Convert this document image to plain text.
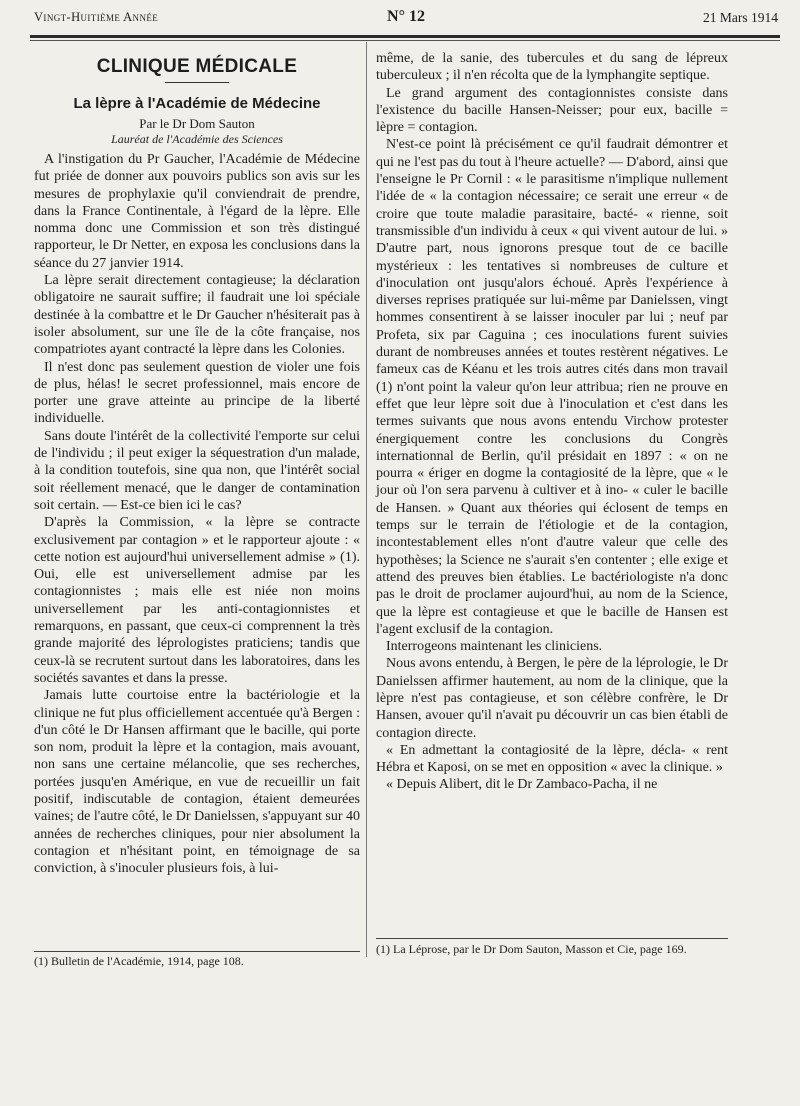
Vingt-Huitième Année	N° 12	21 Mars 1914
CLINIQUE MÉDICALE
La lèpre à l'Académie de Médecine
Par le Dr Dom Sauton
Lauréat de l'Académie des Sciences

A l'instigation du Pr Gaucher, l'Académie de Médecine fut priée de donner aux pouvoirs publics son avis sur les mesures de prophylaxie qu'il conviendrait de prendre, dans la France Continentale, à l'égard de la lèpre. Elle nomma donc une Commission et son très distingué rapporteur, le Dr Netter, en exposa les conclusions dans la séance du 27 janvier 1914.

La lèpre serait directement contagieuse; la déclaration obligatoire ne saurait suffire; il faudrait une loi spéciale destinée à la combattre et le Dr Gaucher n'hésiterait pas à isoler absolument, sur une île de la côte française, nos compatriotes ayant contracté la lèpre dans les Colonies.

Il n'est donc pas seulement question de violer une fois de plus, hélas! le secret professionnel, mais encore de porter une grave atteinte au principe de la liberté individuelle.

Sans doute l'intérêt de la collectivité l'emporte sur celui de l'individu ; il peut exiger la séquestration d'un malade, à la condition toutefois, sine qua non, que l'intérêt social soit réellement menacé, que le danger de contamination soit certain. — Est-ce bien ici le cas?

D'après la Commission, « la lèpre se contracte exclusivement par contagion » et le rapporteur ajoute : « cette notion est aujourd'hui universellement admise » (1). Oui, elle est universellement admise par les contagionnistes ; mais elle est niée non moins universellement par les anti-contagionnistes et remarquons, en passant, que ceux-ci comprennent la très grande majorité des léprologistes praticiens; tandis que ceux-là se recrutent surtout dans les laboratoires, dans les sociétés savantes et dans la presse.

Jamais lutte courtoise entre la bactériologie et la clinique ne fut plus officiellement accentuée qu'à Bergen : d'un côté le Dr Hansen affirmant que le bacille, qui porte son nom, produit la lèpre et la contagion, mais avouant, non sans une certaine mélancolie, que ses recherches, portées jusqu'en Amérique, en vue de recueillir un fait positif, indiscutable de contagion, étaient demeurées vaines; de l'autre côté, le Dr Danielssen, s'appuyant sur 40 années de recherches cliniques, pour nier absolument la contagion et n'hésitant point, en témoignage de sa conviction, à s'inoculer plusieurs fois, à lui-

même, de la sanie, des tubercules et du sang de lépreux tuberculeux ; il n'en récolta que de la lymphangite septique.

Le grand argument des contagionnistes consiste dans l'existence du bacille Hansen-Neisser; pour eux, bacille = lèpre = contagion.

N'est-ce point là précisément ce qu'il faudrait démontrer et qui ne l'est pas du tout à l'heure actuelle? — D'abord, ainsi que l'enseigne le Pr Cornil : « le parasitisme n'implique nullement l'idée de « la contagion nécessaire; ce serait une erreur « de croire que toute maladie parasitaire, bacté- « rienne, soit transmissible d'un individu à ceux « qui vivent autour de lui. » D'autre part, nous ignorons presque tout de ce bacille mystérieux : les tentatives si nombreuses de culture et d'inoculation ont jusqu'alors échoué. Après l'expérience à diverses reprises pratiquée sur lui-même par Danielssen, vingt hommes consentirent à se laisser inoculer par lui ; neuf par Profeta, six par Caguina ; ces inoculations furent suivies durant de nombreuses années et toutes restèrent négatives. Le fameux cas de Kéanu et les trois autres cités dans mon travail (1) n'ont point la valeur qu'on leur attribua; rien ne prouve en effet que leur lèpre soit due à l'inoculation et c'est dans les termes suivants que nous avons entendu Virchow protester énergiquement contre les conclusions du Congrès internationnal de Berlin, qu'il présidait en 1897 : « on ne pourra « ériger en dogme la contagiosité de la lèpre, que « le jour où l'on sera parvenu à cultiver et à ino- « culer le bacille de Hansen. » Quant aux théories qui éclosent de temps en temps sur le terrain de l'étiologie et de la contagion, incontestablement elles n'ont d'autre valeur que celle des hypothèses; la Science ne s'aurait s'en contenter ; elle exige et attend des preuves bien établies. Le bactériologiste n'a donc pas le droit de proclamer aujourd'hui, au nom de la Science, que la lèpre est contagieuse et que le bacille de Hansen est l'agent exclusif de la contagion.

Interrogeons maintenant les cliniciens.

Nous avons entendu, à Bergen, le père de la léprologie, le Dr Danielssen affirmer hautement, au nom de la clinique, que la lèpre n'est pas contagieuse, et son célèbre confrère, le Dr Hansen, avouer qu'il n'avait pu découvrir un cas bien établi de contagion directe.

« En admettant la contagiosité de la lèpre, décla- « rent Hébra et Kaposi, on se met en opposition « avec la clinique. »

« Depuis Alibert, dit le Dr Zambaco-Pacha, il ne

(1) Bulletin de l'Académie, 1914, page 108.
(1) La Léprose, par le Dr Dom Sauton, Masson et Cie, page 169.
